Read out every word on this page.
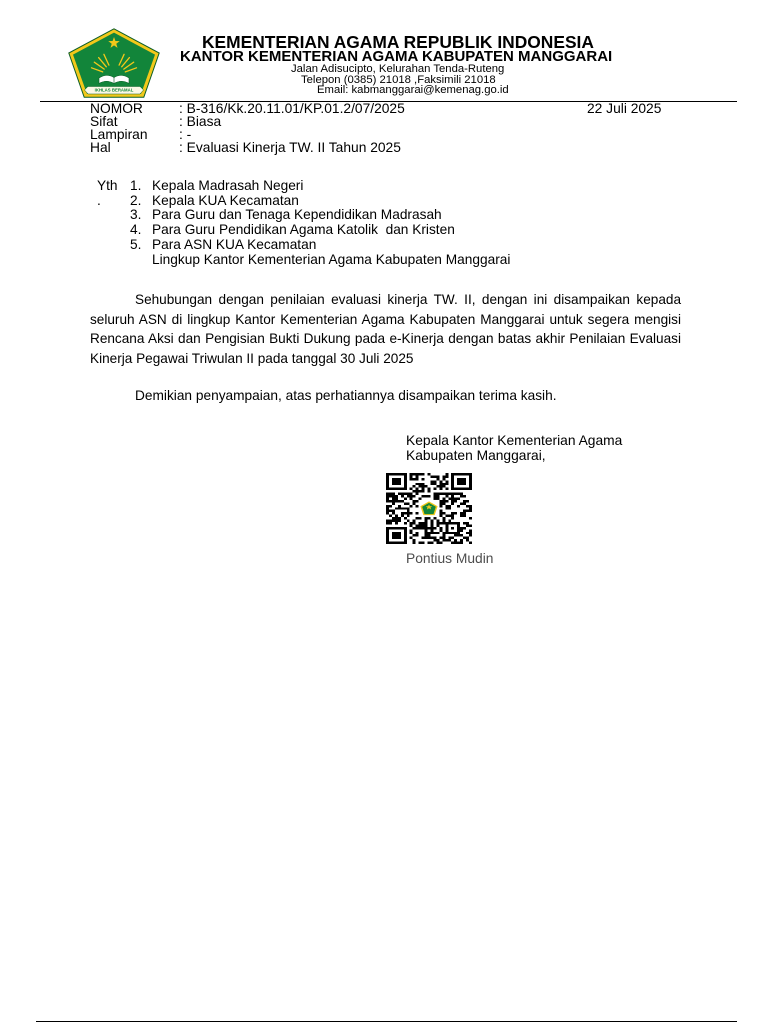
IKHLAS BERAMAL
KEMENTERIAN AGAMA REPUBLIK INDONESIA
KANTOR KEMENTERIAN AGAMA KABUPATEN MANGGARAI
Jalan Adisucipto, Kelurahan Tenda-Ruteng
Telepon (0385) 21018 ,Faksimili 21018
Email: kabmanggarai@kemenag.go.id
NOMOR	: B-316/Kk.20.11.01/KP.01.2/07/2025	22 Juli 2025
Sifat	: Biasa
Lampiran : -
Hal	: Evaluasi Kinerja TW. II Tahun 2025
Yth
.
1. Kepala Madrasah Negeri
2. Kepala KUA Kecamatan
3. Para Guru dan Tenaga Kependidikan Madrasah
4. Para Guru Pendidikan Agama Katolik  dan Kristen
5. Para ASN KUA Kecamatan
Lingkup Kantor Kementerian Agama Kabupaten Manggarai

Sehubungan dengan penilaian evaluasi kinerja TW. II, dengan ini disampaikan kepada seluruh ASN di lingkup Kantor Kementerian Agama Kabupaten Manggarai untuk segera mengisi Rencana Aksi dan Pengisian Bukti Dukung pada e-Kinerja dengan batas akhir Penilaian Evaluasi Kinerja Pegawai Triwulan II pada tanggal 30 Juli 2025

Demikian penyampaian, atas perhatiannya disampaikan terima kasih.
Kepala Kantor Kementerian Agama
Kabupaten Manggarai,
Pontius Mudin
